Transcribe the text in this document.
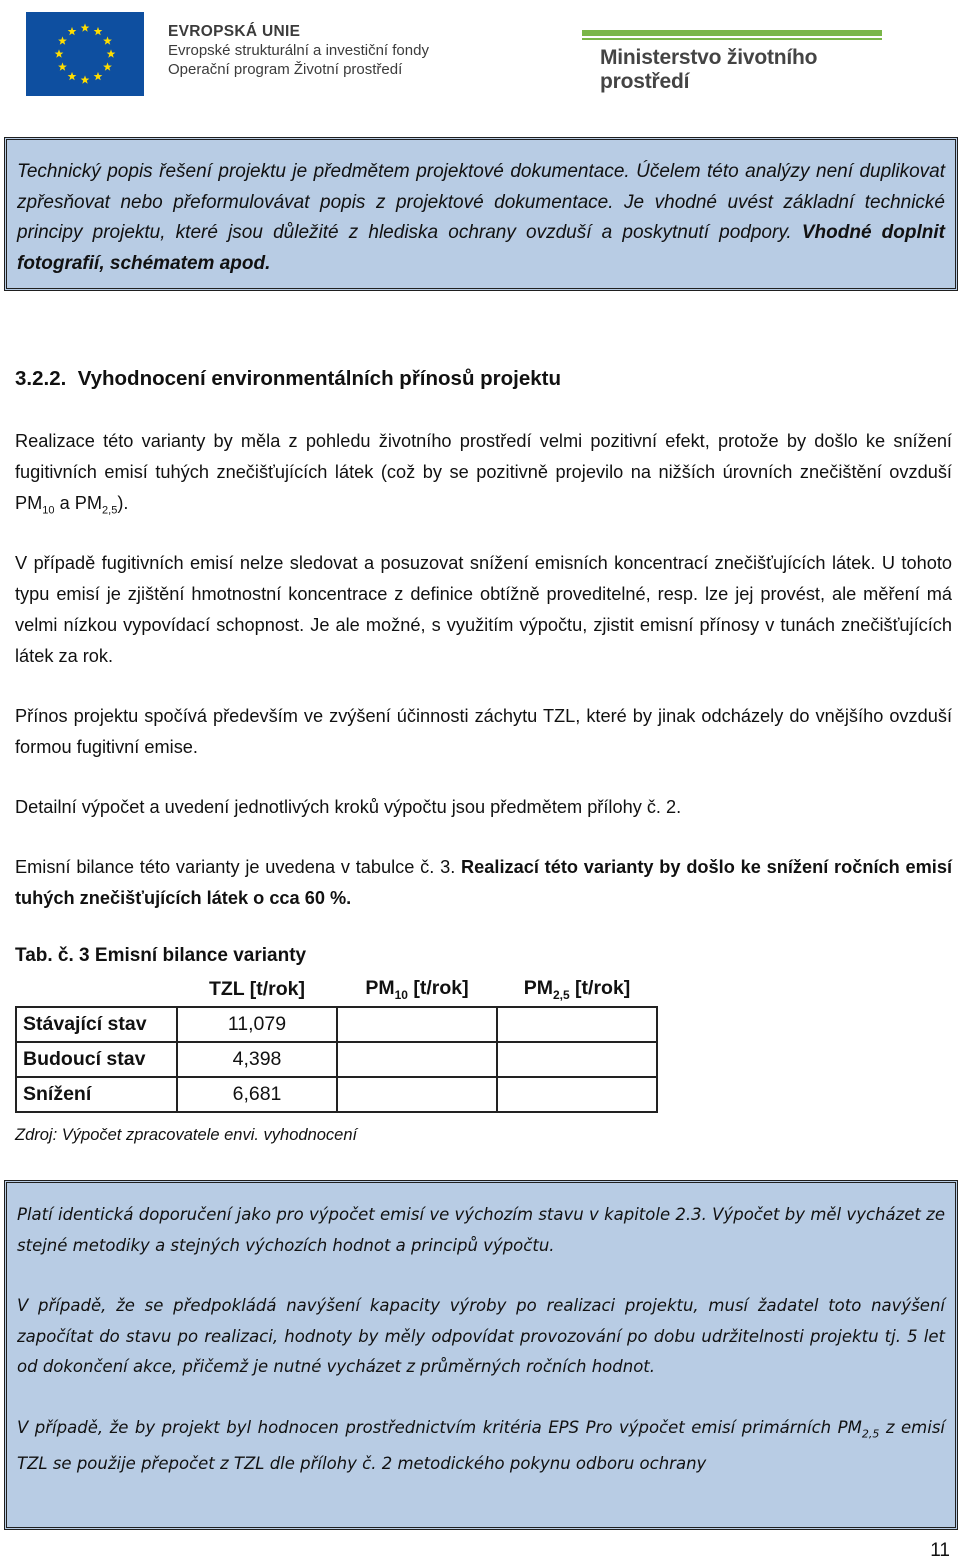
EVROPSKÁ UNIE
Evropské strukturální a investiční fondy
Operační program Životní prostředí
Ministerstvo životního prostředí

Technický popis řešení projektu je předmětem projektové dokumentace. Účelem této analýzy není duplikovat zpřesňovat nebo přeformulovávat popis z projektové dokumentace. Je vhodné uvést základní technické principy projektu, které jsou důležité z hlediska ochrany ovzduší a poskytnutí podpory. Vhodné doplnit fotografií, schématem apod.

3.2.2. Vyhodnocení environmentálních přínosů projektu

Realizace této varianty by měla z pohledu životního prostředí velmi pozitivní efekt, protože by došlo ke snížení fugitivních emisí tuhých znečišťujících látek (což by se pozitivně projevilo na nižších úrovních znečištění ovzduší $PM_{10}$ a $PM_{2,5}$).

V případě fugitivních emisí nelze sledovat a posuzovat snížení emisních koncentrací znečišťujících látek. U tohoto typu emisí je zjištění hmotnostní koncentrace z definice obtížně proveditelné, resp. lze jej provést, ale měření má velmi nízkou vypovídací schopnost. Je ale možné, s využitím výpočtu, zjistit emisní přínosy v tunách znečišťujících látek za rok.

Přínos projektu spočívá především ve zvýšení účinnosti záchytu TZL, které by jinak odcházely do vnějšího ovzduší formou fugitivní emise.

Detailní výpočet a uvedení jednotlivých kroků výpočtu jsou předmětem přílohy č. 2.

Emisní bilance této varianty je uvedena v tabulce č. 3. Realizací této varianty by došlo ke snížení ročních emisí tuhých znečišťujících látek o cca 60 %.

Tab. č. 3 Emisní bilance varianty
	TZL [t/rok]	$PM_{10}$ [t/rok]	$PM_{2,5}$ [t/rok]
Stávající stav	11,079		
Budoucí stav	4,398		
Snížení	6,681		
Zdroj: Výpočet zpracovatele envi. vyhodnocení

Platí identická doporučení jako pro výpočet emisí ve výchozím stavu v kapitole 2.3. Výpočet by měl vycházet ze stejné metodiky a stejných výchozích hodnot a principů výpočtu.

V případě, že se předpokládá navýšení kapacity výroby po realizaci projektu, musí žadatel toto navýšení započítat do stavu po realizaci, hodnoty by měly odpovídat provozování po dobu udržitelnosti projektu tj. 5 let od dokončení akce, přičemž je nutné vycházet z průměrných ročních hodnot.

V případě, že by projekt byl hodnocen prostřednictvím kritéria EPS Pro výpočet emisí primárních $PM_{2,5}$ z emisí TZL se použije přepočet z TZL dle přílohy č. 2 metodického pokynu odboru ochrany

11
